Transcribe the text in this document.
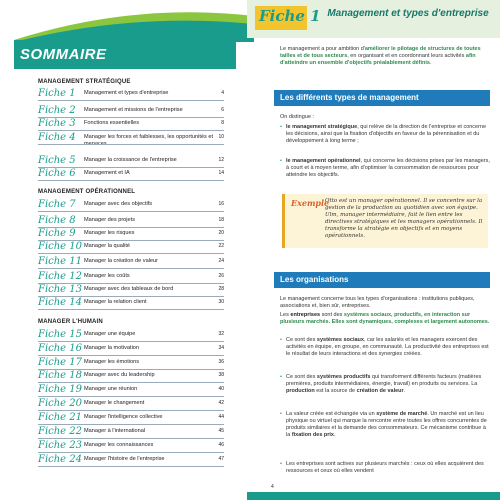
SOMMAIRE
MANAGEMENT STRATÉGIQUE
Fiche 1 Management et types d'entreprise	4
Fiche 2 Management et missions de l'entreprise	6
Fiche 3 Fonctions essentielles	8
Fiche 4 Manager les forces et faiblesses, les opportunités et	10
Fiche 5 Manager la croissance de l'entreprise	12
Fiche 6 Management et IA	14
MANAGEMENT OPÉRATIONNEL
Fiche 7 Manager avec des objectifs	16
Fiche 8 Manager des projets	18
Fiche 9 Manager les risques	20
Fiche 10 Manager la qualité	22
Fiche 11 Manager la création de valeur	24
Fiche 12 Manager les coûts	26
Fiche 13 Manager avec des tableaux de bord	28
Fiche 14 Manager la relation client	30
MANAGER L'HUMAIN
Fiche 15 Manager une équipe	32
Fiche 16 Manager la motivation	34
Fiche 17 Manager les émotions	36
Fiche 18 Manager avec du leadership	38
Fiche 19 Manager une réunion	40
Fiche 20 Manager le changement	42
Fiche 21 Manager l'intelligence collective	44
Fiche 22 Manager à l'international	45
Fiche 23 Manager les connaissances	46
Fiche 24 Manager l'histoire de l'entreprise	47
Fiche 1 Management et types d'entreprise
Le management a pour ambition d'améliorer le pilotage de structures de toutes tailles et de tous secteurs, en organisant et en coordonnant leurs activités afin d'atteindre un ensemble d'objectifs préalablement définis.
Les différents types de management
On distingue :
• le management stratégique, qui relève de la direction de l'entreprise et concerne les décisions, ainsi que la fixation d'objectifs en faveur de la pérennisation et du développement à long terme ;
• le management opérationnel, qui concerne les décisions prises par les managers, à court et à moyen terme, afin d'optimiser la consommation de ressources pour atteindre les objectifs.
Exemple
Otto est un manager opérationnel. Il se concentre sur la gestion de la production au quotidien avec son équipe. Ulm, manager intermédiaire, fait le lien entre les directives stratégiques et les managers opérationnels. Il transforme la stratégie en objectifs et en moyens opérationnels.
Les organisations
Le management concerne tous les types d'organisations : institutions publiques, associations et, bien sûr, entreprises.
Les entreprises sont des systèmes sociaux, productifs, en interaction sur plusieurs marchés. Elles sont dynamiques, complexes et largement autonomes.
• Ce sont des systèmes sociaux, car les salariés et les managers exercent des activités en équipe, en groupe, en communauté. La productivité des entreprises est le résultat de leurs interactions et des synergies créées.
• Ce sont des systèmes productifs qui transforment différents facteurs (matières premières, produits intermédiaires, énergie, travail) en produits ou services. La production est la source de création de valeur.
• La valeur créée est échangée via un système de marché. Un marché est un lieu physique ou virtuel qui marque la rencontre entre toutes les offres concurrentes de produits similaires et la demande des consommateurs. Ce mécanisme contribue à la fixation des prix.
• Les entreprises sont actives sur plusieurs marchés : ceux où elles acquièrent des ressources et ceux où elles vendent
4
